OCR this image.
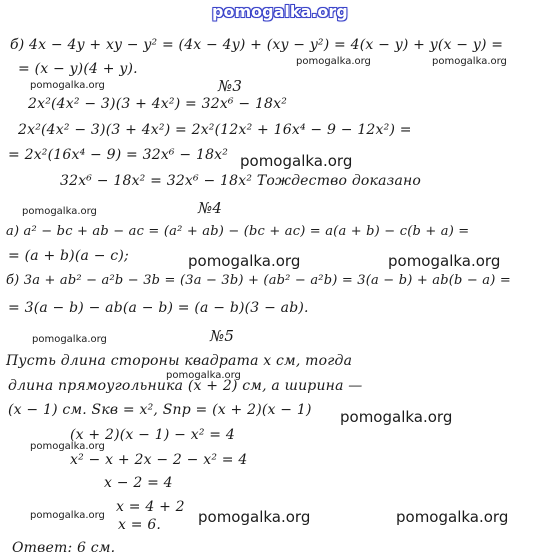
pomogalka.org
б) 4x − 4y + xy − y² = (4x − 4y) + (xy − y²) = 4(x − y) + y(x − y) =
= (x − y)(4 + y).	pomogalka.org	pomogalka.org
pomogalka.org	№3
2x²(4x² − 3)(3 + 4x²) = 32x⁶ − 18x²
2x²(4x² − 3)(3 + 4x²) = 2x²(12x² + 16x⁴ − 9 − 12x²) =
= 2x²(16x⁴ − 9) = 32x⁶ − 18x² pomogalka.org
32x⁶ − 18x² = 32x⁶ − 18x² Тождество доказано
pomogalka.org	№4
а) a² − bc + ab − ac = (a² + ab) − (bc + ac) = a(a + b) − c(b + a) =
= (a + b)(a − c);	pomogalka.org	pomogalka.org
б) 3a + ab² − a²b − 3b = (3a − 3b) + (ab² − a²b) = 3(a − b) + ab(b − a) =
= 3(a − b) − ab(a − b) = (a − b)(3 − ab).
pomogalka.org	№5
Пусть длина стороны квадрата x см, тогда
pomogalka.org
длина прямоугольника (x + 2) см, а ширина —
(x − 1) см. Sкв = x², Sпр = (x + 2)(x − 1) pomogalka.org
(x + 2)(x − 1) − x² = 4
pomogalka.org
x² − x + 2x − 2 − x² = 4
x − 2 = 4
x = 4 + 2
pomogalka.org
x = 6. pomogalka.org	pomogalka.org
Ответ: 6 см.
